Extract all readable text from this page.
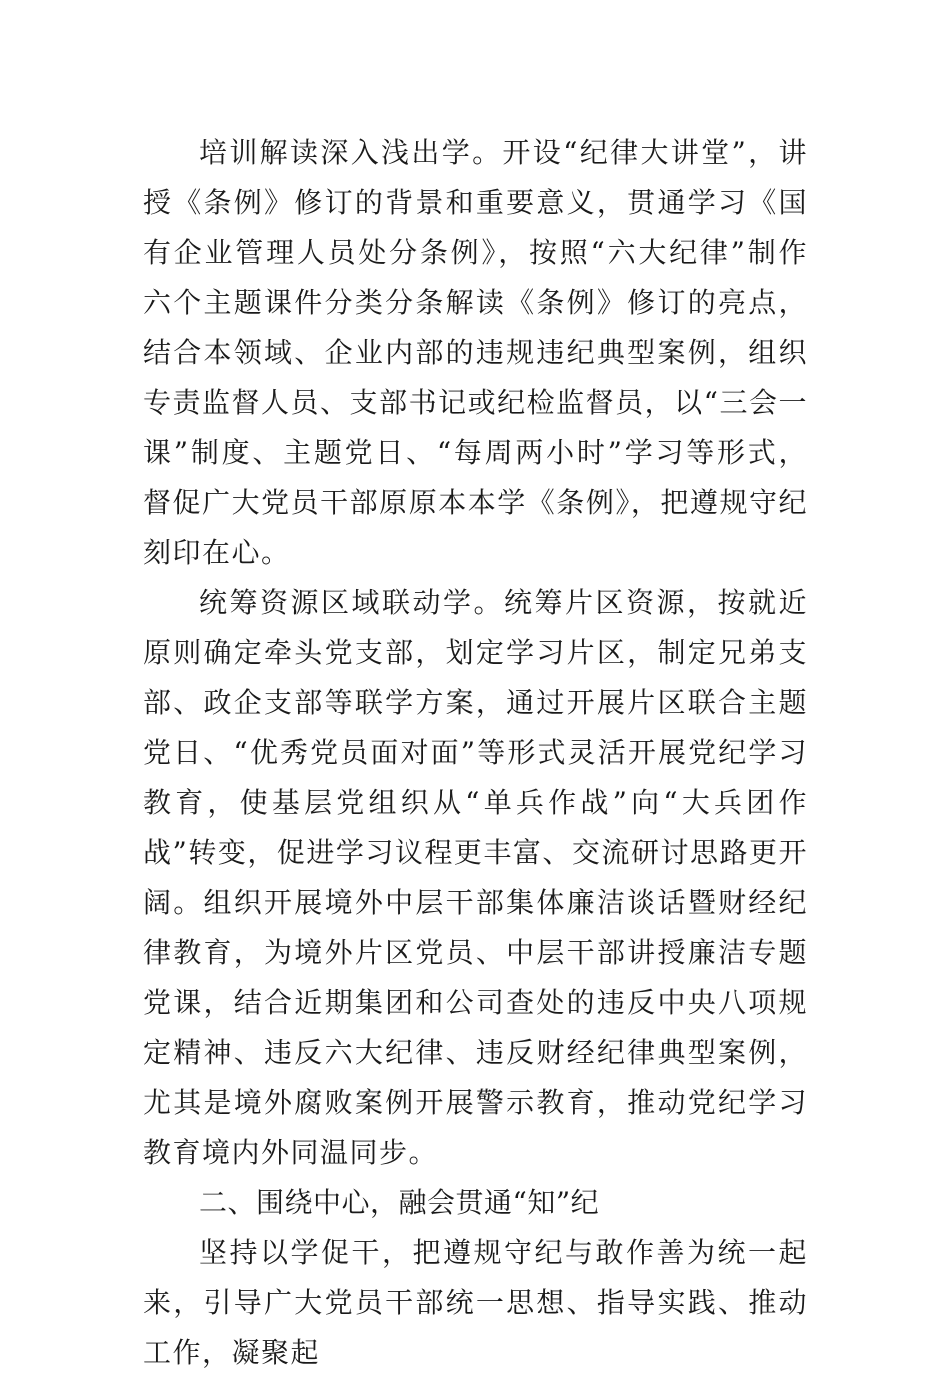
培训解读深入浅出学。开设“纪律大讲堂”，讲授《条例》修订的背景和重要意义，贯通学习《国有企业管理人员处分条例》，按照“六大纪律”制作六个主题课件分类分条解读《条例》修订的亮点，结合本领域、企业内部的违规违纪典型案例，组织专责监督人员、支部书记或纪检监督员，以“三会一课”制度、主题党日、“每周两小时”学习等形式，督促广大党员干部原原本本学《条例》，把遵规守纪刻印在心。

统筹资源区域联动学。统筹片区资源，按就近原则确定牵头党支部，划定学习片区，制定兄弟支部、政企支部等联学方案，通过开展片区联合主题党日、“优秀党员面对面”等形式灵活开展党纪学习教育，使基层党组织从“单兵作战”向“大兵团作战”转变，促进学习议程更丰富、交流研讨思路更开阔。组织开展境外中层干部集体廉洁谈话暨财经纪律教育，为境外片区党员、中层干部讲授廉洁专题党课，结合近期集团和公司查处的违反中央八项规定精神、违反六大纪律、违反财经纪律典型案例，尤其是境外腐败案例开展警示教育，推动党纪学习教育境内外同温同步。

二、围绕中心，融会贯通“知”纪

坚持以学促干，把遵规守纪与敢作善为统一起来，引导广大党员干部统一思想、指导实践、推动工作，凝聚起
